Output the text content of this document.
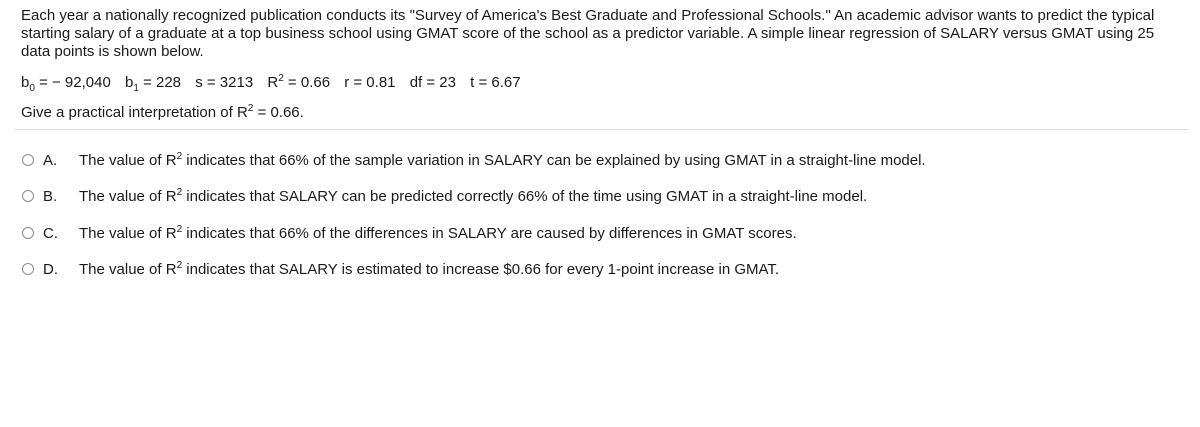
Each year a nationally recognized publication conducts its "Survey of America's Best Graduate and Professional Schools." An academic advisor wants to predict the typical starting salary of a graduate at a top business school using GMAT score of the school as a predictor variable. A simple linear regression of SALARY versus GMAT using 25 data points is shown below.
$b_0$ = − 92,040 $b_1 = 228$ s = 3213 $R^2 = 0.66$ r = 0.81 df = 23 t = 6.67
Give a practical interpretation of $R^2 = 0.66$.
A.	The value of $R^2$ indicates that 66% of the sample variation in SALARY can be explained by using GMAT in a straight-line model.
B.	The value of $R^2$ indicates that SALARY can be predicted correctly 66% of the time using GMAT in a straight-line model.
C.	The value of $R^2$ indicates that 66% of the differences in SALARY are caused by differences in GMAT scores.
D.	The value of $R^2$ indicates that SALARY is estimated to increase $0.66 for every 1-point increase in GMAT.
